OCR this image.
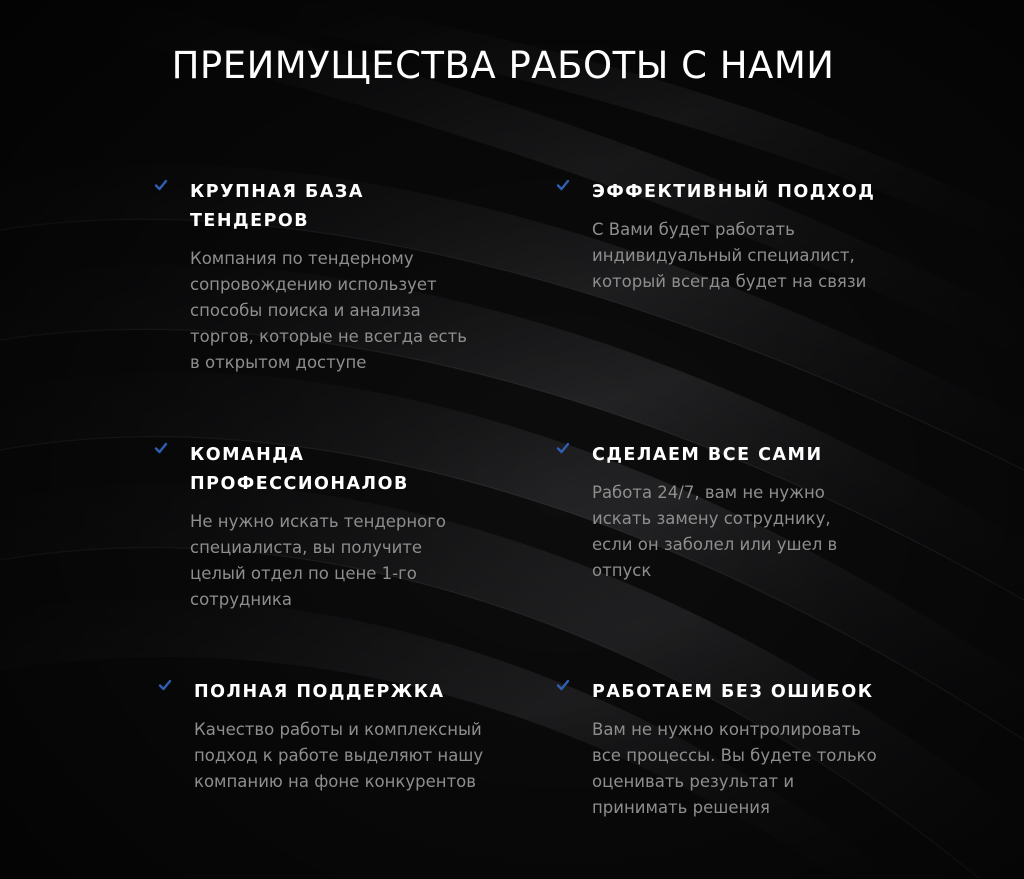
ПРЕИМУЩЕСТВА РАБОТЫ С НАМИ
КРУПНАЯ БАЗА ТЕНДЕРОВ

Компания по тендерному сопровождению использует способы поиска и анализа торгов, которые не всегда есть в открытом доступе

ЭФФЕКТИВНЫЙ ПОДХОД

С Вами будет работать индивидуальный специалист, который всегда будет на связи

КОМАНДА ПРОФЕССИОНАЛОВ

Не нужно искать тендерного специалиста, вы получите целый отдел по цене 1-го сотрудника

СДЕЛАЕМ ВСЕ САМИ

Работа 24/7, вам не нужно искать замену сотруднику, если он заболел или ушел в отпуск

ПОЛНАЯ ПОДДЕРЖКА

Качество работы и комплексный подход к работе выделяют нашу компанию на фоне конкурентов

РАБОТАЕМ БЕЗ ОШИБОК

Вам не нужно контролировать все процессы. Вы будете только оценивать результат и принимать решения
